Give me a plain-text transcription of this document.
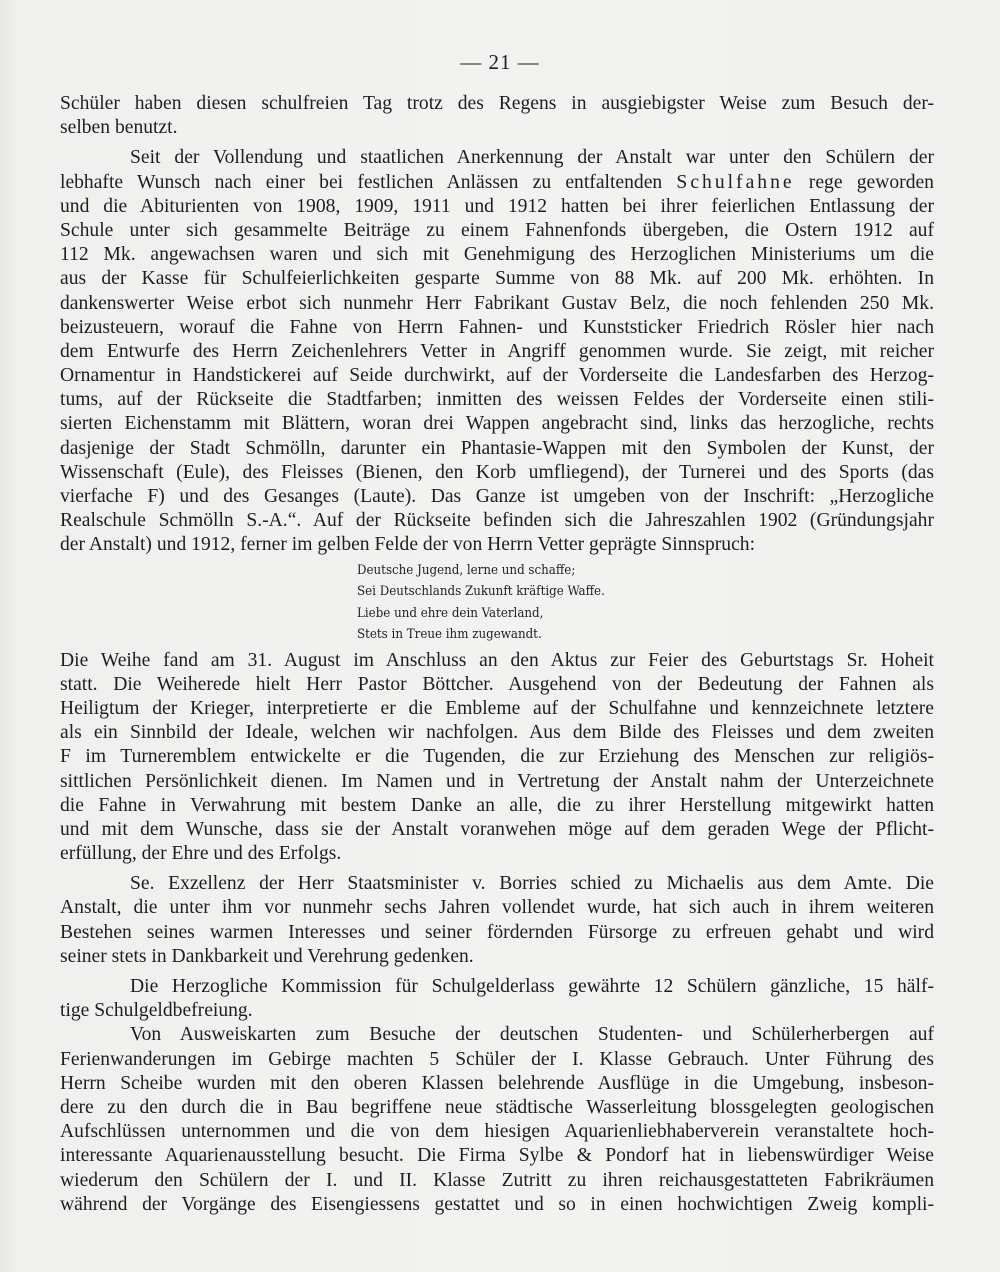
— 21 —
Schüler haben diesen schulfreien Tag trotz des Regens in ausgiebigster Weise zum Besuch der-
selben benutzt.
Seit der Vollendung und staatlichen Anerkennung der Anstalt war unter den Schülern der
lebhafte Wunsch nach einer bei festlichen Anlässen zu entfaltenden Schulfahne rege geworden
und die Abiturienten von 1908, 1909, 1911 und 1912 hatten bei ihrer feierlichen Entlassung der
Schule unter sich gesammelte Beiträge zu einem Fahnenfonds übergeben, die Ostern 1912 auf
112 Mk. angewachsen waren und sich mit Genehmigung des Herzoglichen Ministeriums um die
aus der Kasse für Schulfeierlichkeiten gesparte Summe von 88 Mk. auf 200 Mk. erhöhten. In
dankenswerter Weise erbot sich nunmehr Herr Fabrikant Gustav Belz, die noch fehlenden 250 Mk.
beizusteuern, worauf die Fahne von Herrn Fahnen- und Kunststicker Friedrich Rösler hier nach
dem Entwurfe des Herrn Zeichenlehrers Vetter in Angriff genommen wurde. Sie zeigt, mit reicher
Ornamentur in Handstickerei auf Seide durchwirkt, auf der Vorderseite die Landesfarben des Herzog-
tums, auf der Rückseite die Stadtfarben; inmitten des weissen Feldes der Vorderseite einen stili-
sierten Eichenstamm mit Blättern, woran drei Wappen angebracht sind, links das herzogliche, rechts
dasjenige der Stadt Schmölln, darunter ein Phantasie-Wappen mit den Symbolen der Kunst, der
Wissenschaft (Eule), des Fleisses (Bienen, den Korb umfliegend), der Turnerei und des Sports (das
vierfache F) und des Gesanges (Laute). Das Ganze ist umgeben von der Inschrift: „Herzogliche
Realschule Schmölln S.-A.“. Auf der Rückseite befinden sich die Jahreszahlen 1902 (Gründungsjahr
der Anstalt) und 1912, ferner im gelben Felde der von Herrn Vetter geprägte Sinnspruch:
Deutsche Jugend, lerne und schaffe;
Sei Deutschlands Zukunft kräftige Waffe.
Liebe und ehre dein Vaterland,
Stets in Treue ihm zugewandt.
Die Weihe fand am 31. August im Anschluss an den Aktus zur Feier des Geburtstags Sr. Hoheit
statt. Die Weiherede hielt Herr Pastor Böttcher. Ausgehend von der Bedeutung der Fahnen als
Heiligtum der Krieger, interpretierte er die Embleme auf der Schulfahne und kennzeichnete letztere
als ein Sinnbild der Ideale, welchen wir nachfolgen. Aus dem Bilde des Fleisses und dem zweiten
F im Turneremblem entwickelte er die Tugenden, die zur Erziehung des Menschen zur religiös-
sittlichen Persönlichkeit dienen. Im Namen und in Vertretung der Anstalt nahm der Unterzeichnete
die Fahne in Verwahrung mit bestem Danke an alle, die zu ihrer Herstellung mitgewirkt hatten
und mit dem Wunsche, dass sie der Anstalt voranwehen möge auf dem geraden Wege der Pflicht-
erfüllung, der Ehre und des Erfolgs.
Se. Exzellenz der Herr Staatsminister v. Borries schied zu Michaelis aus dem Amte. Die
Anstalt, die unter ihm vor nunmehr sechs Jahren vollendet wurde, hat sich auch in ihrem weiteren
Bestehen seines warmen Interesses und seiner fördernden Fürsorge zu erfreuen gehabt und wird
seiner stets in Dankbarkeit und Verehrung gedenken.
Die Herzogliche Kommission für Schulgelderlass gewährte 12 Schülern gänzliche, 15 hälf-
tige Schulgeldbefreiung.
Von Ausweiskarten zum Besuche der deutschen Studenten- und Schülerherbergen auf
Ferienwanderungen im Gebirge machten 5 Schüler der I. Klasse Gebrauch. Unter Führung des
Herrn Scheibe wurden mit den oberen Klassen belehrende Ausflüge in die Umgebung, insbeson-
dere zu den durch die in Bau begriffene neue städtische Wasserleitung blossgelegten geologischen
Aufschlüssen unternommen und die von dem hiesigen Aquarienliebhaberverein veranstaltete hoch-
interessante Aquarienausstellung besucht. Die Firma Sylbe & Pondorf hat in liebenswürdiger Weise
wiederum den Schülern der I. und II. Klasse Zutritt zu ihren reichausgestatteten Fabrikräumen
während der Vorgänge des Eisengiessens gestattet und so in einen hochwichtigen Zweig kompli-
